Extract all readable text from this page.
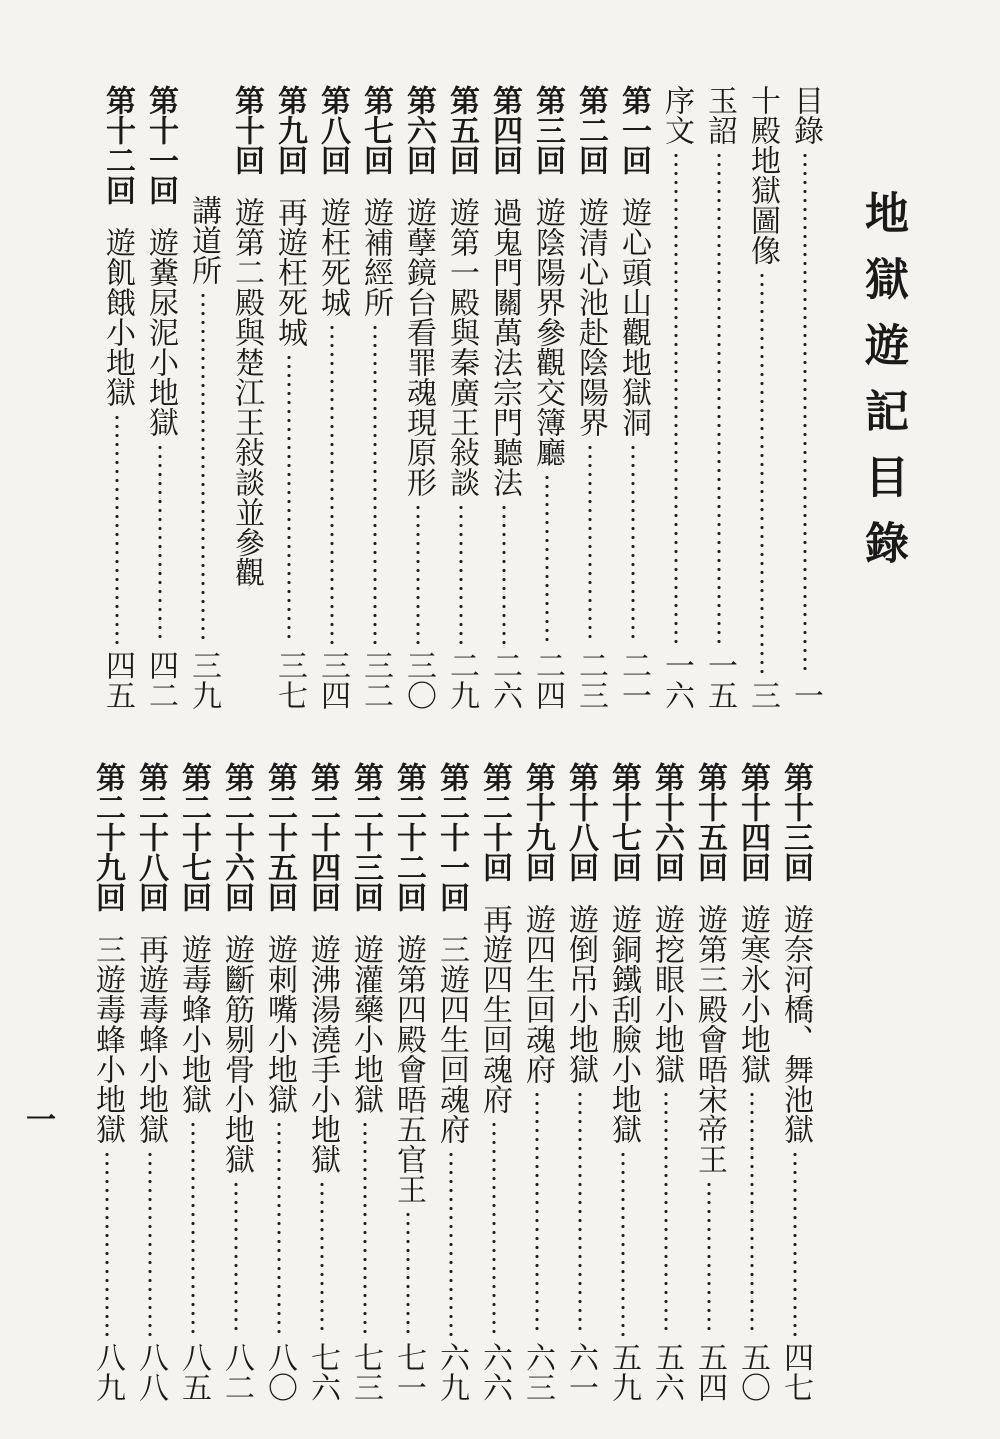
地獄遊記目錄
目錄
一
十殿地獄圖像
三
玉詔
一五
序文
一六
第一回
遊心頭山觀地獄洞
二一
第二回
遊清心池赴陰陽界
二三
第三回
遊陰陽界參觀交簿廳
二四
第四回
過鬼門關萬法宗門聽法
二六
第五回
遊第一殿與秦廣王敍談
二九
第六回
遊孽鏡台看罪魂現原形
三〇
第七回
遊補經所
三二
第八回
遊枉死城
三四
第九回
再遊枉死城
三七
第十回
遊第二殿與楚江王敍談並參觀
講道所
三九
第十一回
遊糞尿泥小地獄
四二
第十二回
遊飢餓小地獄
四五
第十三回
遊奈河橋、舞池獄
四七
第十四回
遊寒氷小地獄
五〇
第十五回
遊第三殿會晤宋帝王
五四
第十六回
遊挖眼小地獄
五六
第十七回
遊銅鐵刮臉小地獄
五九
第十八回
遊倒吊小地獄
六一
第十九回
遊四生回魂府
六三
第二十回
再遊四生回魂府
六六
第二十一回
三遊四生回魂府
六九
第二十二回
遊第四殿會晤五官王
七一
第二十三回
遊灌藥小地獄
七三
第二十四回
遊沸湯澆手小地獄
七六
第二十五回
遊刺嘴小地獄
八〇
第二十六回
遊斷筋剔骨小地獄
八二
第二十七回
遊毒蜂小地獄
八五
第二十八回
再遊毒蜂小地獄
八八
第二十九回
三遊毒蜂小地獄
八九
一
